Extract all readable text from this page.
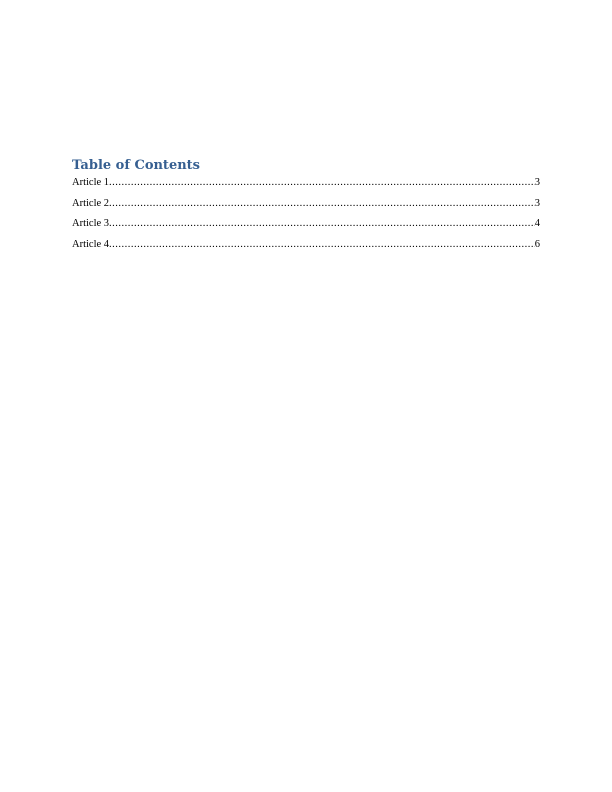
Table of Contents
Article 1 .....	3
Article 2 .....	3
Article 3 .....	4
Article 4 .....	6
